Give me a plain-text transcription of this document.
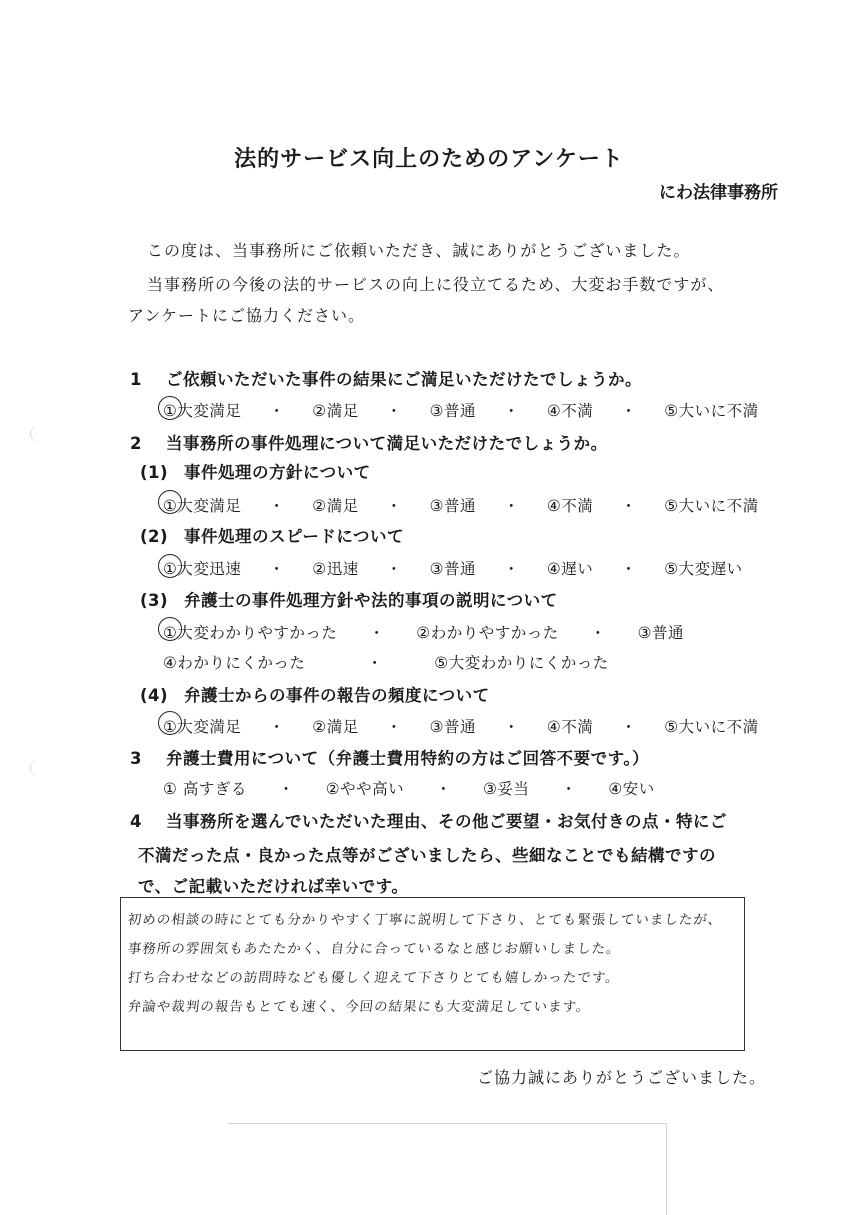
法的サービス向上のためのアンケート
にわ法律事務所
この度は、当事務所にご依頼いただき、誠にありがとうございました。
当事務所の今後の法的サービスの向上に役立てるため、大変お手数ですが、
アンケートにご協力ください。
1 ご依頼いただいた事件の結果にご満足いただけたでしょうか。
①大変満足 ・ ②満足 ・ ③普通 ・ ④不満 ・ ⑤大いに不満
2 当事務所の事件処理について満足いただけたでしょうか。
(1) 事件処理の方針について
①大変満足 ・ ②満足 ・ ③普通 ・ ④不満 ・ ⑤大いに不満
(2) 事件処理のスピードについて
①大変迅速 ・ ②迅速 ・ ③普通 ・ ④遅い ・ ⑤大変遅い
(3) 弁護士の事件処理方針や法的事項の説明について
①大変わかりやすかった ・ ②わかりやすかった ・ ③普通
④わかりにくかった	・	⑤大変わかりにくかった
(4) 弁護士からの事件の報告の頻度について
①大変満足 ・ ②満足 ・ ③普通 ・ ④不満 ・ ⑤大いに不満
3 弁護士費用について（弁護士費用特約の方はご回答不要です。）
① 高すぎる ・ ②やや高い ・ ③妥当 ・ ④安い
4 当事務所を選んでいただいた理由、その他ご要望・お気付きの点・特にご
不満だった点・良かった点等がございましたら、些細なことでも結構ですの
で、ご記載いただければ幸いです。
初めの相談の時にとても分かりやすく丁寧に説明して下さり、とても緊張していましたが、
事務所の雰囲気もあたたかく、自分に合っているなと感じお願いしました。
打ち合わせなどの訪問時なども優しく迎えて下さりとても嬉しかったです。
弁論や裁判の報告もとても速く、今回の結果にも大変満足しています。
ご協力誠にありがとうございました。
